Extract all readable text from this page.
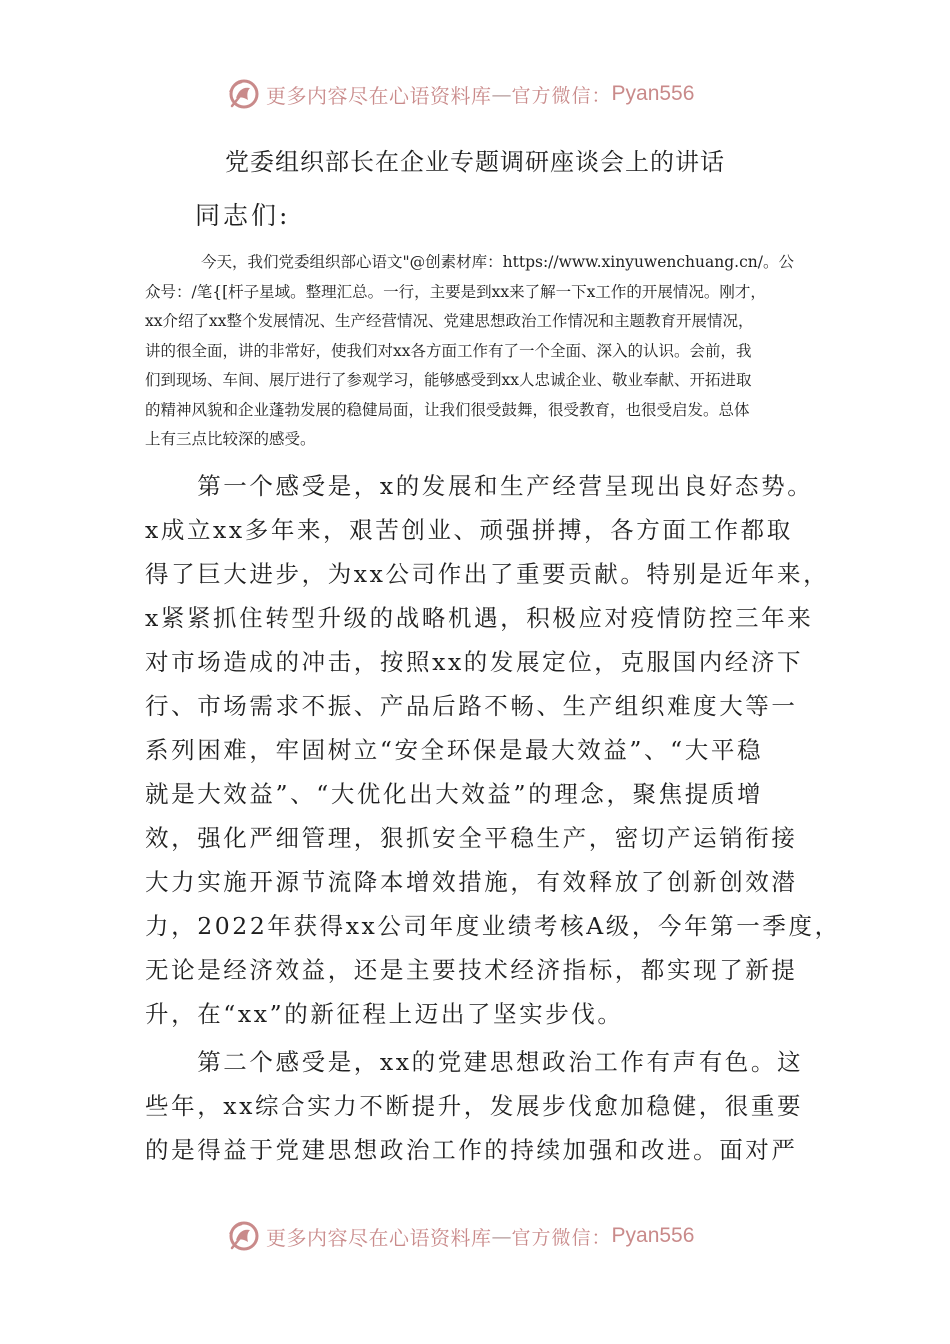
更多内容尽在心语资料库 — 官方微信： Pyan556
党委组织部长在企业专题调研座谈会上的讲话
同志们:
今天，我们党委组织部心语文"@创素材库：https://www.xinyuwenchuang.cn/。公
众号：/笔{[杆子星域。整理汇总。一行，主要是到xx来了解一下x工作的开展情况。刚才，
xx介绍了xx整个发展情况、生产经营情况、党建思想政治工作情况和主题教育开展情况，
讲的很全面，讲的非常好，使我们对xx各方面工作有了一个全面、深入的认识。会前，我
们到现场、车间、展厅进行了参观学习，能够感受到xx人忠诚企业、敬业奉献、开拓进取
的精神风貌和企业蓬勃发展的稳健局面，让我们很受鼓舞，很受教育，也很受启发。总体
上有三点比较深的感受。
　　第一个感受是，x的发展和生产经营呈现出良好态势。
x成立xx多年来，艰苦创业、顽强拼搏，各方面工作都取
得了巨大进步，为xx公司作出了重要贡献。特别是近年来，
x紧紧抓住转型升级的战略机遇，积极应对疫情防控三年来
对市场造成的冲击，按照xx的发展定位，克服国内经济下
行、市场需求不振、产品后路不畅、生产组织难度大等一
系列困难，牢固树立“安全环保是最大效益”、“大平稳
就是大效益”、“大优化出大效益”的理念，聚焦提质增
效，强化严细管理，狠抓安全平稳生产，密切产运销衔接
大力实施开源节流降本增效措施，有效释放了创新创效潜
力，2022年获得xx公司年度业绩考核A级，今年第一季度，
无论是经济效益，还是主要技术经济指标，都实现了新提
升，在“xx”的新征程上迈出了坚实步伐。
　　第二个感受是，xx的党建思想政治工作有声有色。这
些年，xx综合实力不断提升，发展步伐愈加稳健，很重要
的是得益于党建思想政治工作的持续加强和改进。面对严
更多内容尽在心语资料库 — 官方微信： Pyan556
